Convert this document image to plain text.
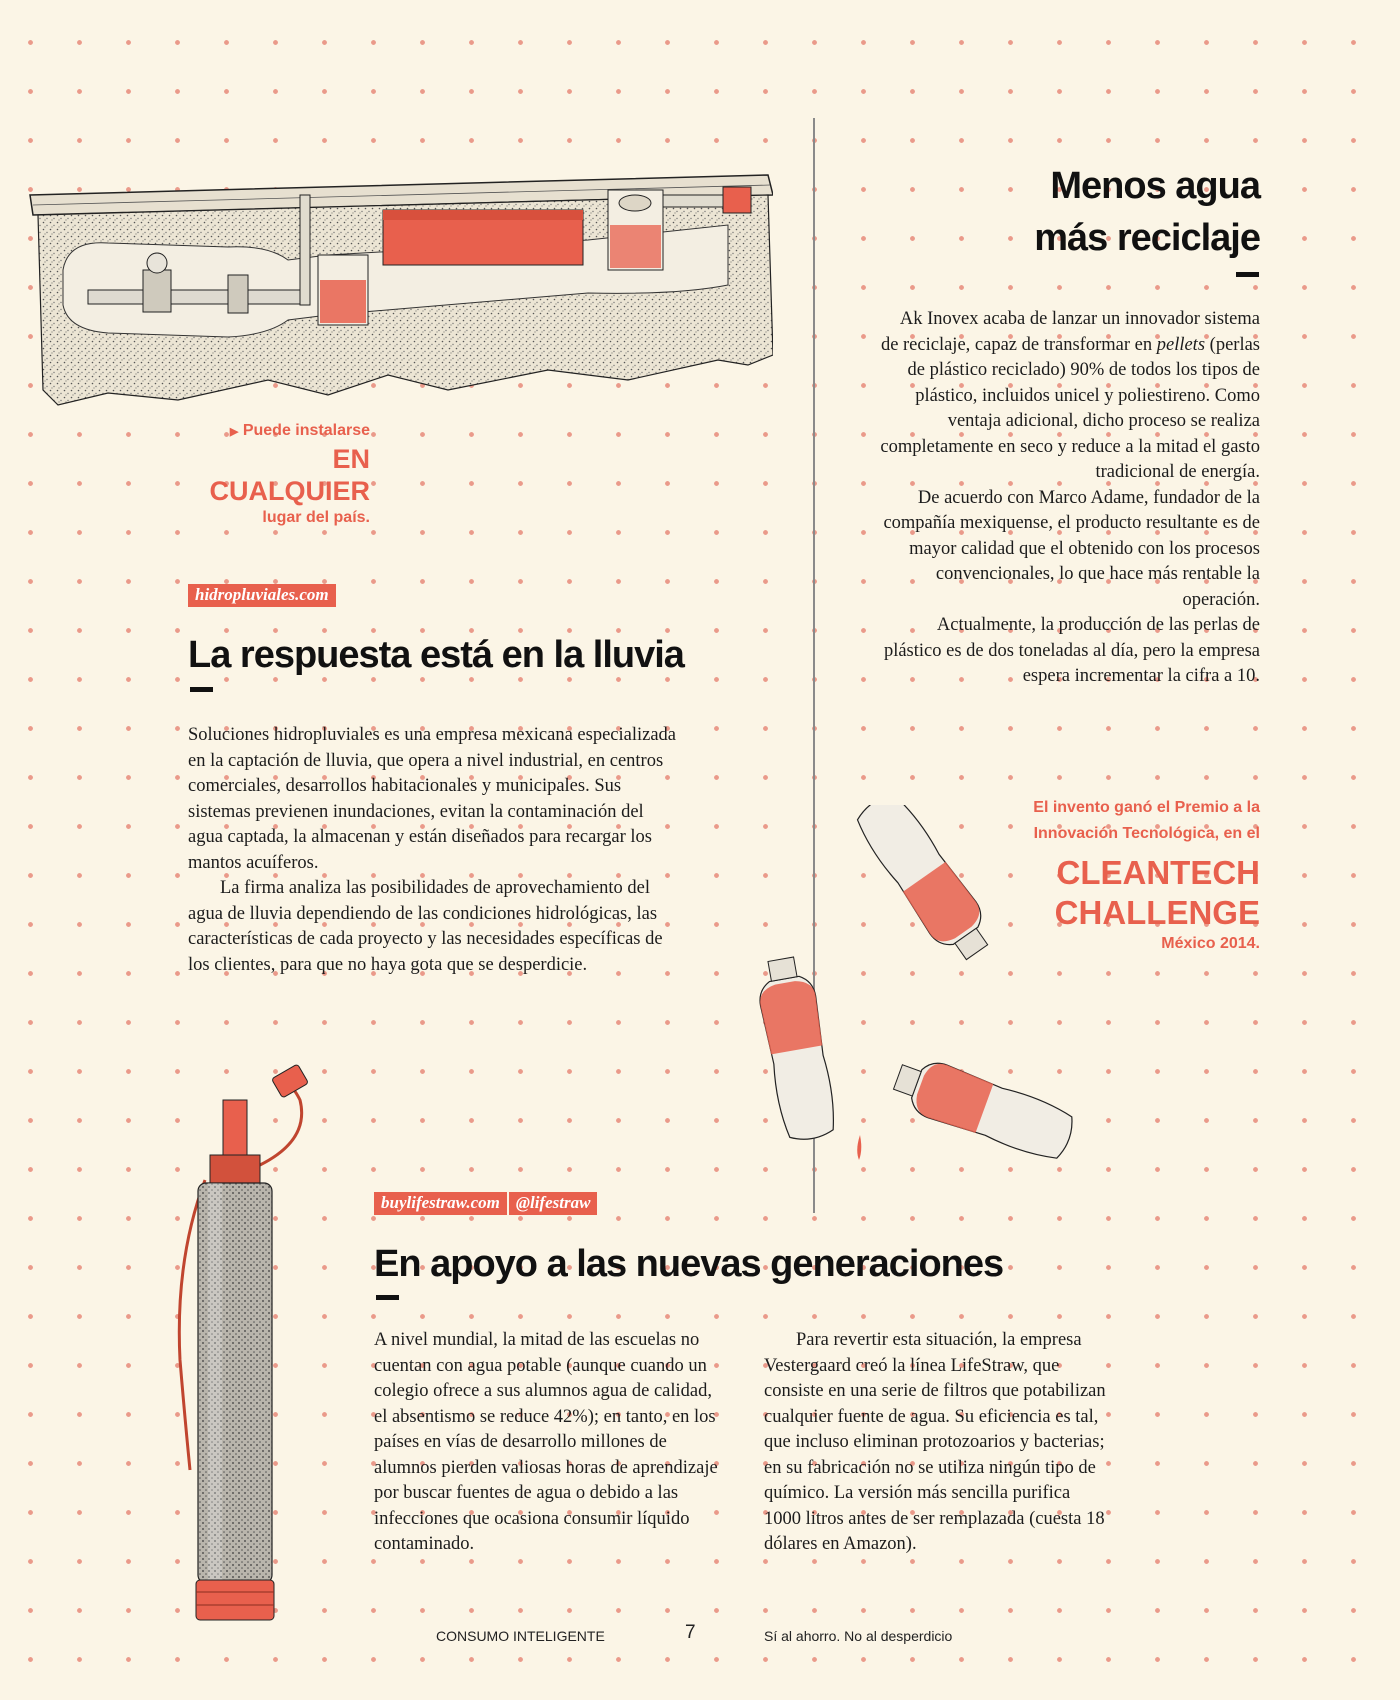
▶ Puede instalarse
EN CUALQUIER
lugar del país.
hidropluviales.com
La respuesta está en la lluvia

Soluciones hidropluviales es una empresa mexicana especializada en la captación de lluvia, que opera a nivel industrial, en centros comerciales, desarrollos habitacionales y municipales. Sus sistemas previenen inundaciones, evitan la contaminación del agua captada, la almacenan y están diseñados para recargar los mantos acuíferos.

La firma analiza las posibilidades de aprovechamiento del agua de lluvia dependiendo de las condiciones hidrológicas, las características de cada proyecto y las necesidades específicas de los clientes, para que no haya gota que se desperdicie.

Menos agua
más reciclaje

Ak Inovex acaba de lanzar un innovador sistema de reciclaje, capaz de transformar en pellets (perlas de plástico reciclado) 90% de todos los tipos de plástico, incluidos unicel y poliestireno. Como ventaja adicional, dicho proceso se realiza completamente en seco y reduce a la mitad el gasto tradicional de energía.

De acuerdo con Marco Adame, fundador de la compañía mexiquense, el producto resultante es de mayor calidad que el obtenido con los procesos convencionales, lo que hace más rentable la operación.

Actualmente, la producción de las perlas de plástico es de dos toneladas al día, pero la empresa espera incrementar la cifra a 10.

El invento ganó el Premio a la
Innovación Tecnológica, en el
CLEANTECH
CHALLENGE
México 2014.
buylifestraw.com @lifestraw
En apoyo a las nuevas generaciones
A nivel mundial, la mitad de las escuelas no cuentan con agua potable (aunque cuando un colegio ofrece a sus alumnos agua de calidad, el absentismo se reduce 42%); en tanto, en los países en vías de desarrollo millones de alumnos pierden valiosas horas de aprendizaje por buscar fuentes de agua o debido a las infecciones que ocasiona consumir líquido contaminado.
Para revertir esta situación, la empresa Vestergaard creó la línea LifeStraw, que consiste en una serie de filtros que potabilizan cualquier fuente de agua. Su eficiencia es tal, que incluso eliminan protozoarios y bacterias; en su fabricación no se utiliza ningún tipo de químico. La versión más sencilla purifica 1000 litros antes de ser remplazada (cuesta 18 dólares en Amazon).
CONSUMO INTELIGENTE	7	Sí al ahorro. No al desperdicio
